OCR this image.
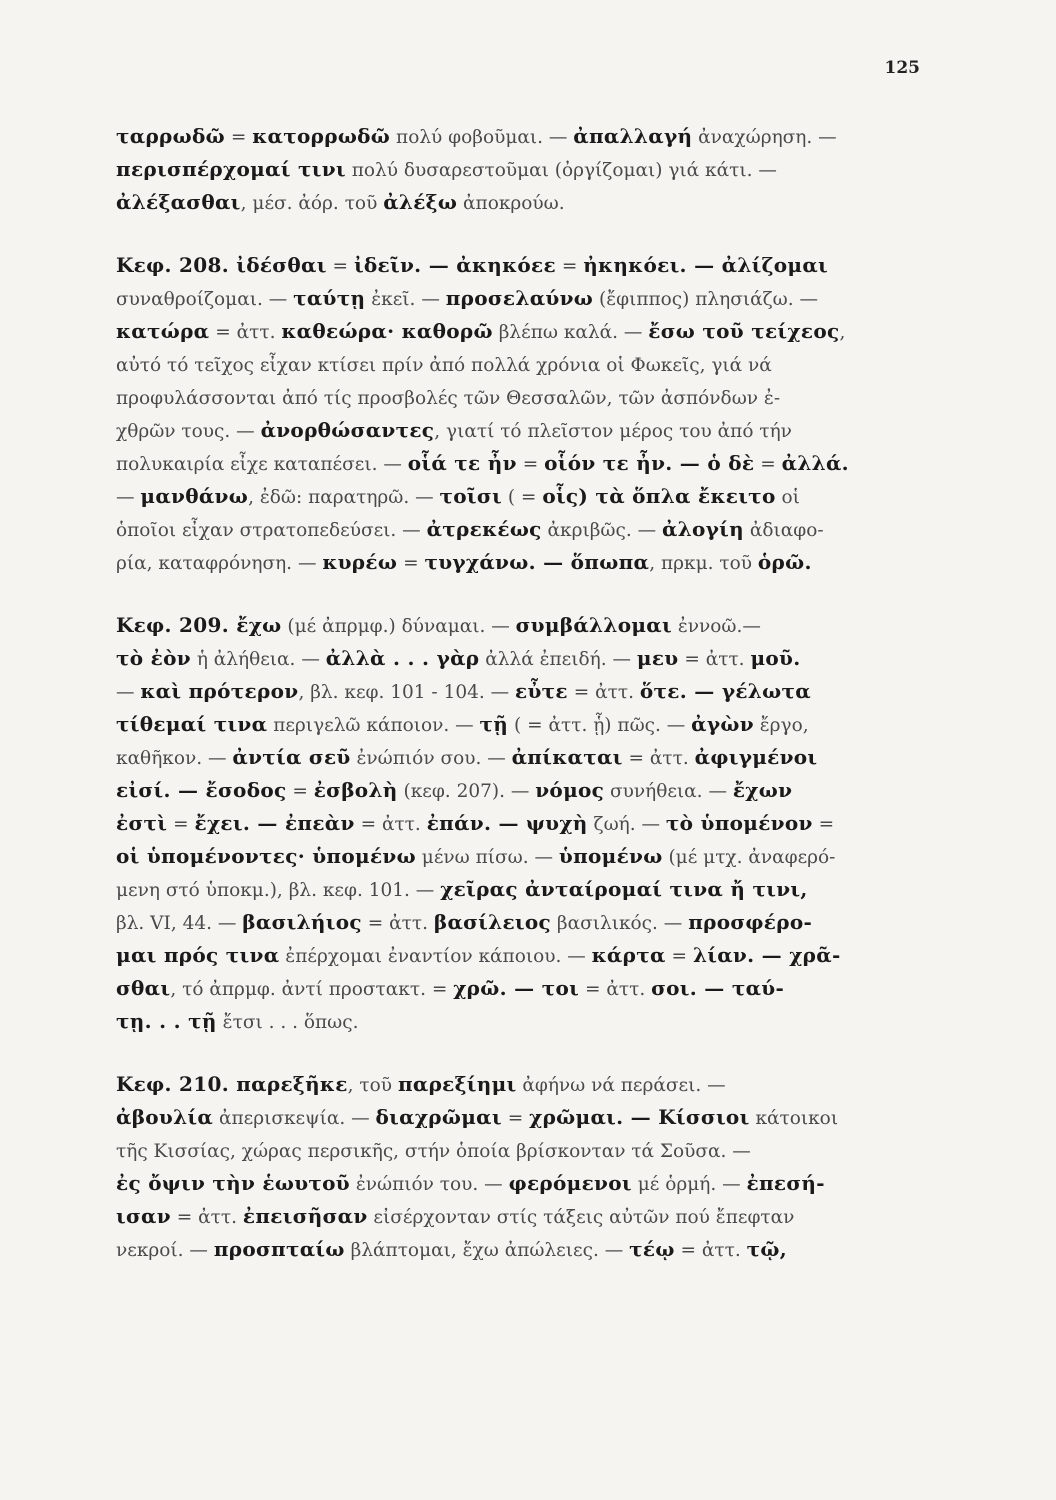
125
ταρρωδῶ = κατορρωδῶ πολύ φοβοῦμαι. — ἀπαλλαγή ἀναχώρηση. —
περισπέρχομαί τινι πολύ δυσαρεστοῦμαι (ὀργίζομαι) γιά κάτι. —
ἀλέξασθαι, μέσ. ἀόρ. τοῦ ἀλέξω ἀποκρούω.
Κεφ. 208. ἰδέσθαι = ἰδεῖν. — ἀκηκόεε = ἠκηκόει. — ἀλίζομαι
συναθροίζομαι. — ταύτῃ ἐκεῖ. — προσελαύνω (ἔφιππος) πλησιάζω. —
κατώρα = ἀττ. καθεώρα· καθορῶ βλέπω καλά. — ἔσω τοῦ τείχεος,
αὐτό τό τεῖχος εἶχαν κτίσει πρίν ἀπό πολλά χρόνια οἱ Φωκεῖς, γιά νά
προφυλάσσονται ἀπό τίς προσβολές τῶν Θεσσαλῶν, τῶν ἀσπόνδων ἐ-
χθρῶν τους. — ἀνορθώσαντες, γιατί τό πλεῖστον μέρος του ἀπό τήν
πολυκαιρία εἶχε καταπέσει. — οἷά τε ἦν = οἷόν τε ἦν. — ὁ δὲ = ἀλλά.
— μανθάνω, ἐδῶ: παρατηρῶ. — τοῖσι ( = οἷς) τὰ ὅπλα ἔκειτο οἱ
ὁποῖοι εἶχαν στρατοπεδεύσει. — ἀτρεκέως ἀκριβῶς. — ἀλογίη ἀδιαφο-
ρία, καταφρόνηση. — κυρέω = τυγχάνω. — ὅπωπα, πρκμ. τοῦ ὁρῶ.
Κεφ. 209. ἔχω (μέ ἀπρμφ.) δύναμαι. — συμβάλλομαι ἐννοῶ.—
τὸ ἐὸν ἡ ἀλήθεια. — ἀλλὰ . . . γὰρ ἀλλά ἐπειδή. — μευ = ἀττ. μοῦ.
— καὶ πρότερον, βλ. κεφ. 101 - 104. — εὖτε = ἀττ. ὅτε. — γέλωτα
τίθεμαί τινα περιγελῶ κάποιον. — τῇ ( = ἀττ. ᾗ) πῶς. — ἀγὼν ἔργο,
καθῆκον. — ἀντία σεῦ ἐνώπιόν σου. — ἀπίκαται = ἀττ. ἀφιγμένοι
εἰσί. — ἔσοδος = ἐσβολὴ (κεφ. 207). — νόμος συνήθεια. — ἔχων
ἐστὶ = ἔχει. — ἐπεὰν = ἀττ. ἐπάν. — ψυχὴ ζωή. — τὸ ὑπομένον =
οἱ ὑπομένοντες· ὑπομένω μένω πίσω. — ὑπομένω (μέ μτχ. ἀναφερό-
μενη στό ὑποκμ.), βλ. κεφ. 101. — χεῖρας ἀνταίρομαί τινα ἤ τινι,
βλ. VI, 44. — βασιλήιος = ἀττ. βασίλειος βασιλικός. — προσφέρο-
μαι πρός τινα ἐπέρχομαι ἐναντίον κάποιου. — κάρτα = λίαν. — χρᾶ-
σθαι, τό ἀπρμφ. ἀντί προστακτ. = χρῶ. — τοι = ἀττ. σοι. — ταύ-
τῃ. . . τῇ ἔτσι . . . ὅπως.
Κεφ. 210. παρεξῆκε, τοῦ παρεξίημι ἀφήνω νά περάσει. —
ἀβουλία ἀπερισκεψία. — διαχρῶμαι = χρῶμαι. — Κίσσιοι κάτοικοι
τῆς Κισσίας, χώρας περσικῆς, στήν ὁποία βρίσκονταν τά Σοῦσα. —
ἐς ὄψιν τὴν ἑωυτοῦ ἐνώπιόν του. — φερόμενοι μέ ὁρμή. — ἐπεσή-
ισαν = ἀττ. ἐπεισῆσαν εἰσέρχονταν στίς τάξεις αὐτῶν πού ἔπεφταν
νεκροί. — προσπταίω βλάπτομαι, ἔχω ἀπώλειες. — τέῳ = ἀττ. τῷ,
